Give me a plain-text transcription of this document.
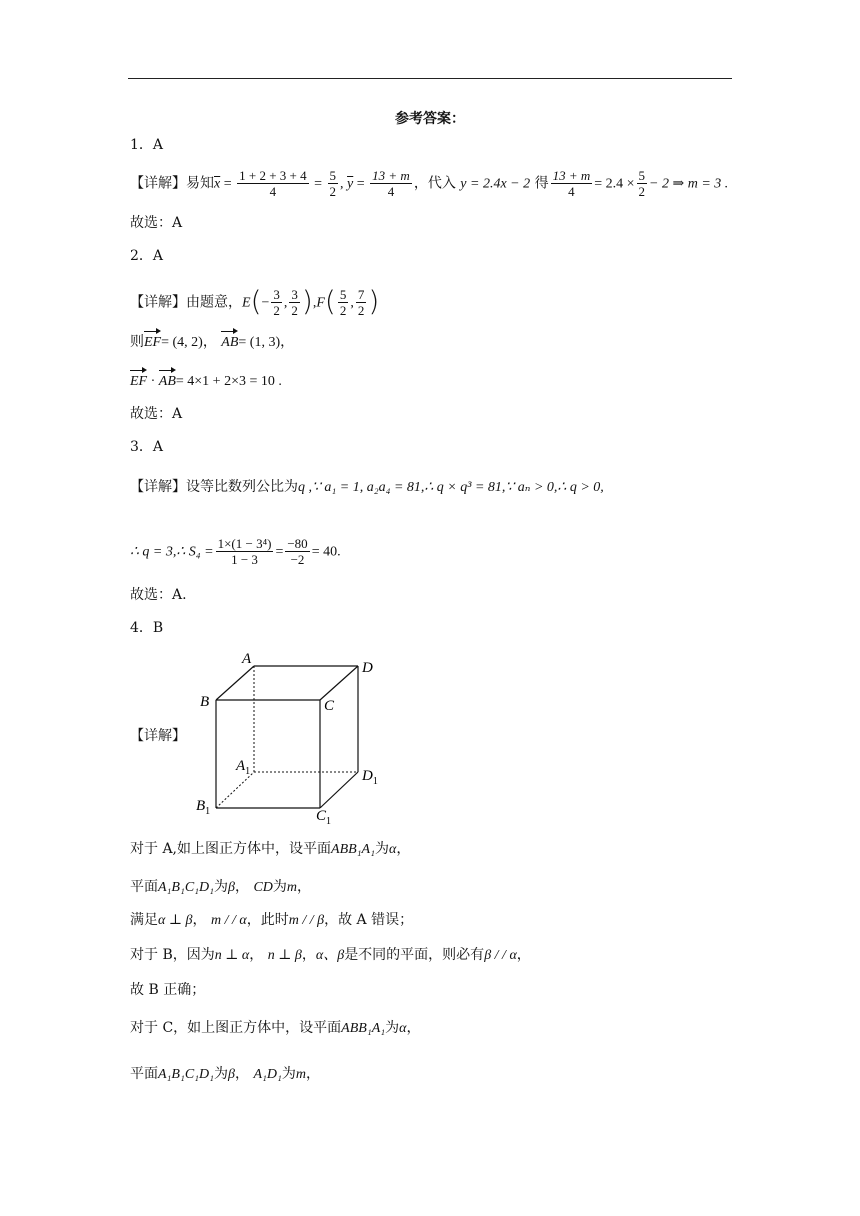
参考答案：
1．A
【详解】易知$\overline{x} = \frac{1 + 2 + 3 + 4}{4} = \frac{5}{2}$ , $\overline{y} = \frac{13 + m}{4}$ ，代入 y = 2.4x − 2 得 $\frac{13 + m}{4} = 2.4 \times \frac{5}{2} - 2$ ⇒ m = 3 .
故选：A
2．A
【详解】由题意，$E(- \frac{3}{2}$ , $\frac{3}{2} ),F( \frac{5}{2}$ , $\frac{7}{2}$ )
则EF= (4, 2)， AB= (1, 3)，
EF · AB= 4×1 + 2×3 = 10 .
故选：A
3．A
【详解】设等比数列公比为q ,∵ a₁ = 1, a₂a₄ = 81,∴ q × q³ = 81,∵ aₙ > 0,∴ q > 0,
∴ q = 3,∴ $S_4 = \frac{\text{1×(1 − 3⁴)}}{1 - 3} = \frac{-80}{-2} = 40$.
故选：A.
4．B
【详解】
A
D
B	C
$A_1$	$D_1$
$B_1$	$C_1$
对于 A,如上图正方体中，设平面ABB₁A₁为α，
平面A₁B₁C₁D₁为β， CD为m，
满足α ⊥ β， m / / α，此时m / / β，故 A 错误；
对于 B，因为n ⊥ α， n ⊥ β，α、β是不同的平面，则必有β / / α，
故 B 正确；
对于 C，如上图正方体中，设平面ABB₁A₁为α，
平面A₁B₁C₁D₁为β， A₁D₁为m，
